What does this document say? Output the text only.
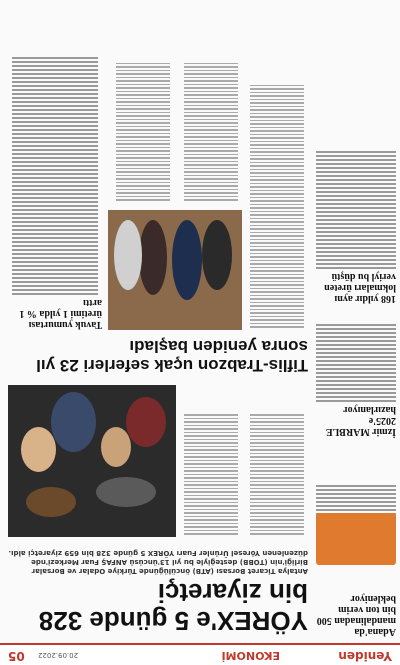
Yeniden
EKONOMİ
20.09.2022
05
Adana'da mandalinadan 500 bin ton verim bekleniyor
İzmir MARBLE 2025'e hazırlanıyor
168 yıldır aynı lokmaları üreten veriyl bu düştü
YÖREX'e 5 günde 328 bin ziyaretçi
Antalya Ticaret Borsası (ATB) öncülüğünde Türkiye Odalar ve Borsalar Birliği'nin (TOBB) desteğiyle bu yıl 13'üncüsü ANFAŞ Fuar Merkezi'nde düzenlenen Yöresel Ürünler Fuarı YÖREX 5 günde 328 bin 659 ziyaretçi aldı.
Tiflis-Trabzon uçak seferleri 23 yıl sonra yeniden başladı
Tavuk yumurtası üretimi 1 yılda % 1 arttı
